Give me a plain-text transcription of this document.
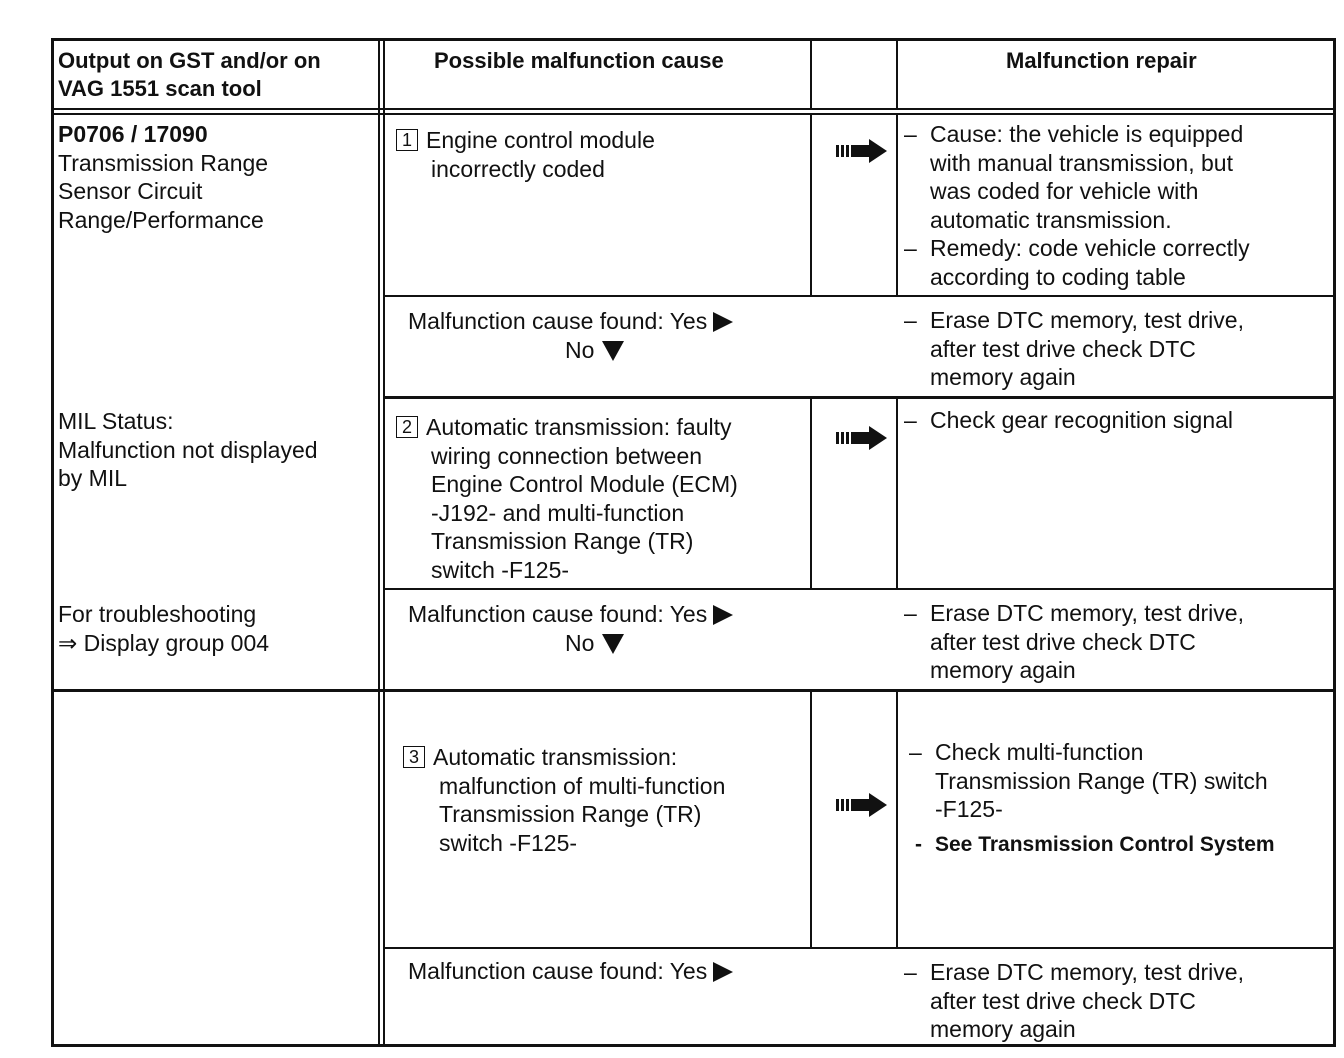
Output on GST and/or on
VAG 1551 scan tool
Possible malfunction cause	Malfunction repair
P0706 / 17090
Transmission Range
Sensor Circuit
Range/Performance
MIL Status:
Malfunction not displayed
by MIL
For troubleshooting
⇒ Display group 004
1 Engine control module
incorrectly coded
– Cause: the vehicle is equipped
with manual transmission, but
was coded for vehicle with
automatic transmission.
– Remedy: code vehicle correctly
according to coding table
Malfunction cause found: Yes
No
– Erase DTC memory, test drive,
after test drive check DTC
memory again
2 Automatic transmission: faulty
wiring connection between
Engine Control Module (ECM)
-J192- and multi-function
Transmission Range (TR)
switch -F125-
– Check gear recognition signal
Malfunction cause found: Yes
No
– Erase DTC memory, test drive,
after test drive check DTC
memory again
3 Automatic transmission:
malfunction of multi-function
Transmission Range (TR)
switch -F125-
– Check multi-function
Transmission Range (TR) switch
-F125-
- See Transmission Control System
Malfunction cause found: Yes	– Erase DTC memory, test drive,
after test drive check DTC
memory again
